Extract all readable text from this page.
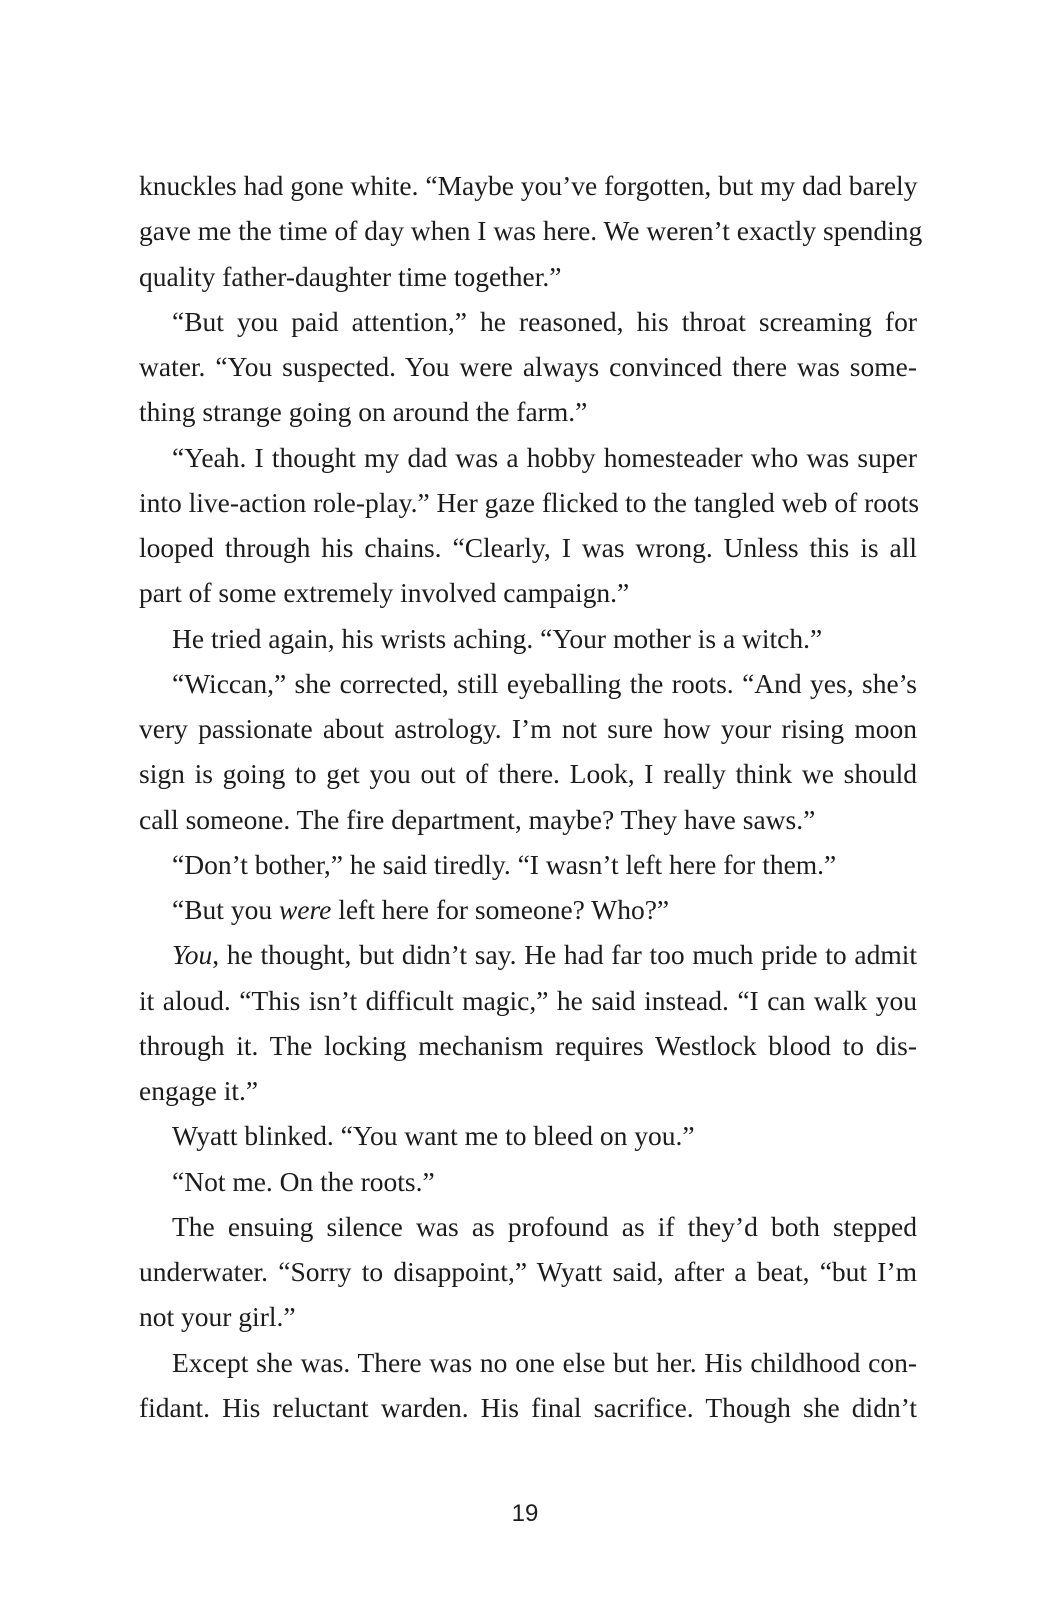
knuckles had gone white. “Maybe you’ve forgotten, but my dad barely
gave me the time of day when I was here. We weren’t exactly spending
quality father-daughter time together.”
“But you paid attention,” he reasoned, his throat screaming for
water. “You suspected. You were always convinced there was some-
thing strange going on around the farm.”
“Yeah. I thought my dad was a hobby homesteader who was super
into live-action role-play.” Her gaze flicked to the tangled web of roots
looped through his chains. “Clearly, I was wrong. Unless this is all
part of some extremely involved campaign.”
He tried again, his wrists aching. “Your mother is a witch.”
“Wiccan,” she corrected, still eyeballing the roots. “And yes, she’s
very passionate about astrology. I’m not sure how your rising moon
sign is going to get you out of there. Look, I really think we should
call someone. The fire department, maybe? They have saws.”
“Don’t bother,” he said tiredly. “I wasn’t left here for them.”
“But you were left here for someone? Who?”
You, he thought, but didn’t say. He had far too much pride to admit
it aloud. “This isn’t difficult magic,” he said instead. “I can walk you
through it. The locking mechanism requires Westlock blood to dis-
engage it.”
Wyatt blinked. “You want me to bleed on you.”
“Not me. On the roots.”
The ensuing silence was as profound as if they’d both stepped
underwater. “Sorry to disappoint,” Wyatt said, after a beat, “but I’m
not your girl.”
Except she was. There was no one else but her. His childhood con-
fidant. His reluctant warden. His final sacrifice. Though she didn’t
19
